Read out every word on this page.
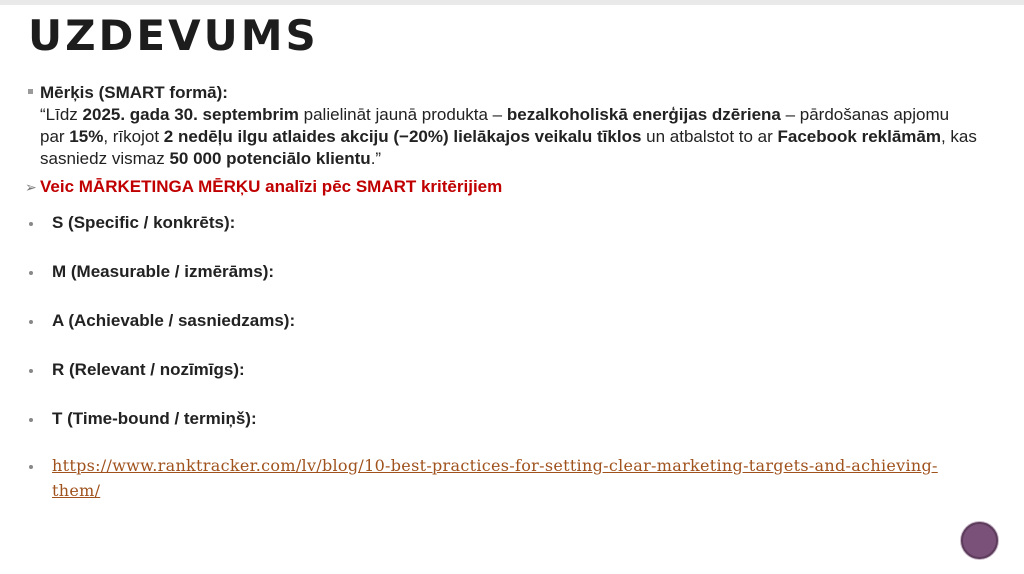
UZDEVUMS
Mērķis (SMART formā):
“Līdz 2025. gada 30. septembrim palielināt jaunā produkta – bezalkoholiskā enerģijas dzēriena – pārdošanas apjomu par 15%, rīkojot 2 nedēļu ilgu atlaides akciju (−20%) lielākajos veikalu tīklos un atbalstot to ar Facebook reklāmām, kas sasniedz vismaz 50 000 potenciālo klientu.”
➢ Veic MĀRKETINGA MĒRĶU analīzi pēc SMART kritērijiem
S (Specific / konkrēts):
M (Measurable / izmērāms):
A (Achievable / sasniedzams):
R (Relevant / nozīmīgs):
T (Time-bound / termiņš):
https://www.ranktracker.com/lv/blog/10-best-practices-for-setting-clear-marketing-targets-and-achieving-them/
